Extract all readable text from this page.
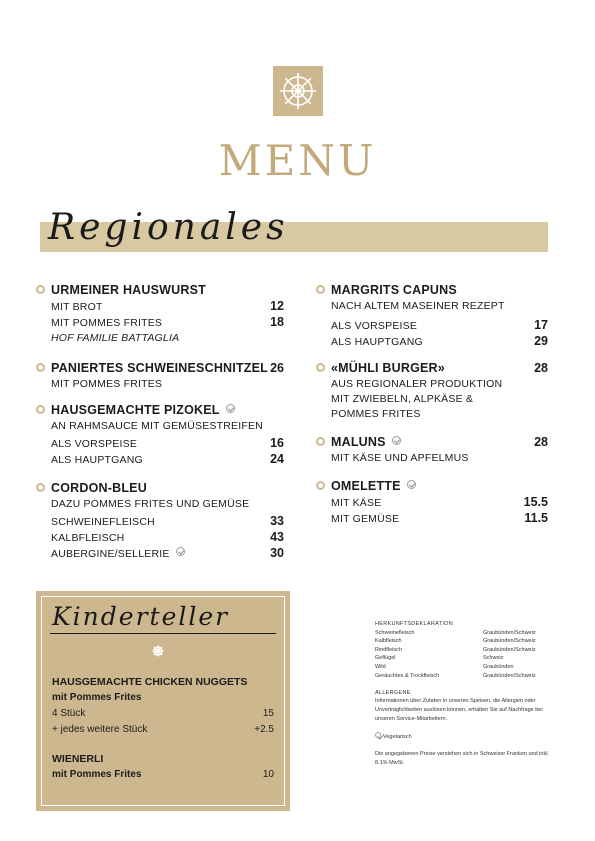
MENU
Regionales
URMEINER HAUSWURST
MIT BROT	12
MIT POMMES FRITES	18
HOF FAMILIE BATTAGLIA
PANIERTES SCHWEINESCHNITZEL 26
MIT POMMES FRITES
HAUSGEMACHTE PIZOKEL
AN RAHMSAUCE MIT GEMÜSESTREIFEN
ALS VORSPEISE	16
ALS HAUPTGANG	24
CORDON-BLEU
DAZU POMMES FRITES UND GEMÜSE
SCHWEINEFLEISCH	33
KALBFLEISCH	43
AUBERGINE/SELLERIE	30
MARGRITS CAPUNS
NACH ALTEM MASEINER REZEPT
ALS VORSPEISE	17
ALS HAUPTGANG	29
«MÜHLI BURGER»	28
AUS REGIONALER PRODUKTION
MIT ZWIEBELN, ALPKÄSE &
POMMES FRITES
MALUNS	28
MIT KÄSE UND APFELMUS
OMELETTE
MIT KÄSE	15.5
MIT GEMÜSE	11.5
Kinderteller
HAUSGEMACHTE CHICKEN NUGGETS
mit Pommes Frites
4 Stück	15
+ jedes weitere Stück	+2.5
WIENERLI
mit Pommes Frites	10
HERKUNFTSDEKLARATION
Schweinefleisch	Graubünden/Schweiz
Kalbfleisch	Graubünden/Schweiz
Rindfleisch	Graubünden/Schweiz
Geflügel	Schweiz
Wild	Graubünden
Geräuchtes & Trockfleisch	Graubünden/Schweiz
ALLERGENE
Informationen über Zutaten in unseren Speisen, die Allergien oder Unverträglichkeiten auslösen können, erhalten Sie auf Nachfrage bei unseren Service-Mitarbeitern.
Vegetarisch
Die angegebenen Preise verstehen sich in Schweizer Franken und inkl. 8.1% MwSt.
